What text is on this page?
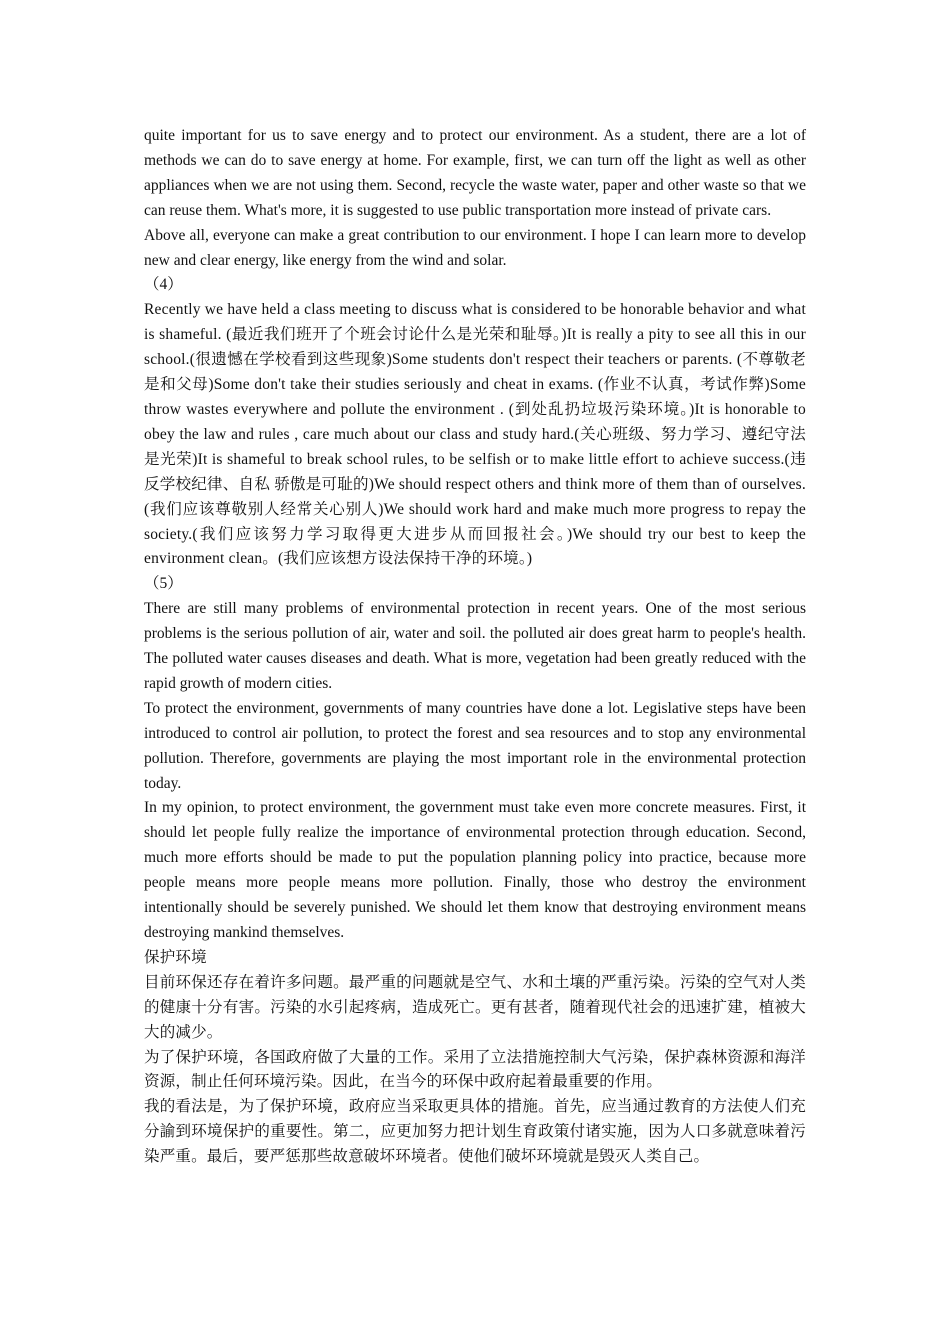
quite important for us to save energy and to protect our environment. As a student, there are a lot of methods we can do to save energy at home. For example, first, we can turn off the light as well as other appliances when we are not using them. Second, recycle the waste water, paper and other waste so that we can reuse them. What's more, it is suggested to use public transportation more instead of private cars.

Above all, everyone can make a great contribution to our environment. I hope I can learn more to develop new and clear energy, like energy from the wind and solar.

（4）

Recently we have held a class meeting to discuss what is considered to be honorable behavior and what is shameful. (最近我们班开了个班会讨论什么是光荣和耻辱。)It is really a pity to see all this in our school.(很遗憾在学校看到这些现象)Some students don't respect their teachers or parents. (不尊敬老是和父母)Some don't take their studies seriously and cheat in exams. (作业不认真，考试作弊)Some throw wastes everywhere and pollute the environment . (到处乱扔垃圾污染环境。)It is honorable to obey the law and rules , care much about our class and study hard.(关心班级、努力学习、遵纪守法是光荣)It is shameful to break school rules, to be selfish or to make little effort to achieve success.(违反学校纪律、自私 骄傲是可耻的)We should respect others and think more of them than of ourselves.(我们应该尊敬别人经常关心别人)We should work hard and make much more progress to repay the society.(我们应该努力学习取得更大进步从而回报社会。)We should try our best to keep the environment clean。(我们应该想方设法保持干净的环境。)

（5）

There are still many problems of environmental protection in recent years. One of the most serious problems is the serious pollution of air, water and soil. the polluted air does great harm to people's health. The polluted water causes diseases and death. What is more, vegetation had been greatly reduced with the rapid growth of modern cities.

To protect the environment, governments of many countries have done a lot. Legislative steps have been introduced to control air pollution, to protect the forest and sea resources and to stop any environmental pollution. Therefore, governments are playing the most important role in the environmental protection today.

In my opinion, to protect environment, the government must take even more concrete measures. First, it should let people fully realize the importance of environmental protection through education. Second, much more efforts should be made to put the population planning policy into practice, because more people means more people means more pollution. Finally, those who destroy the environment intentionally should be severely punished. We should let them know that destroying environment means destroying mankind themselves.

保护环境

目前环保还存在着许多问题。最严重的问题就是空气、水和土壤的严重污染。污染的空气对人类的健康十分有害。污染的水引起疼病，造成死亡。更有甚者，随着现代社会的迅速扩建，植被大大的减少。

为了保护环境，各国政府做了大量的工作。采用了立法措施控制大气污染，保护森林资源和海洋资源，制止任何环境污染。因此，在当今的环保中政府起着最重要的作用。

我的看法是，为了保护环境，政府应当采取更具体的措施。首先，应当通过教育的方法使人们充分諭到环境保护的重要性。第二，应更加努力把计划生育政策付诸实施，因为人口多就意味着污染严重。最后，要严惩那些故意破坏环境者。使他们破坏环境就是毁灭人类自己。
